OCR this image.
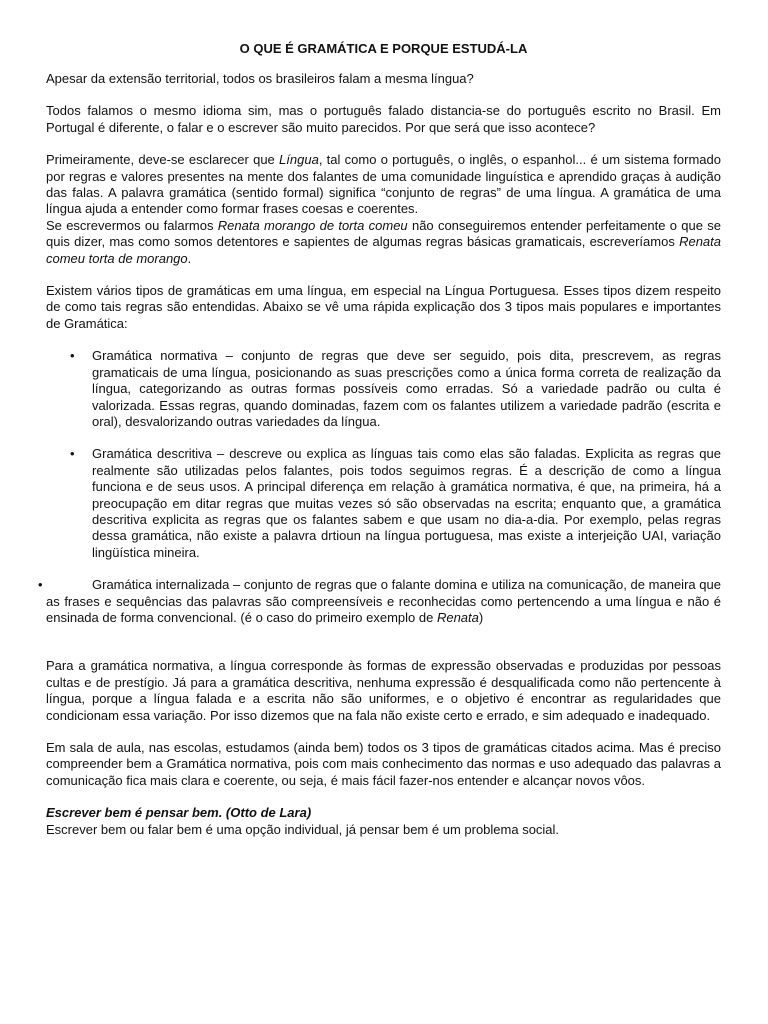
O QUE É GRAMÁTICA E PORQUE ESTUDÁ-LA

Apesar da extensão territorial, todos os brasileiros falam a mesma língua?

Todos falamos o mesmo idioma sim, mas o português falado distancia-se do português escrito no Brasil. Em Portugal é diferente, o falar e o escrever são muito parecidos. Por que será que isso acontece?

Primeiramente, deve-se esclarecer que Língua, tal como o português, o inglês, o espanhol... é um sistema formado por regras e valores presentes na mente dos falantes de uma comunidade linguística e aprendido graças à audição das falas. A palavra gramática (sentido formal) significa “conjunto de regras” de uma língua. A gramática de uma língua ajuda a entender como formar frases coesas e coerentes.

Se escrevermos ou falarmos Renata morango de torta comeu não conseguiremos entender perfeitamente o que se quis dizer, mas como somos detentores e sapientes de algumas regras básicas gramaticais, escreveríamos Renata comeu torta de morango.

Existem vários tipos de gramáticas em uma língua, em especial na Língua Portuguesa. Esses tipos dizem respeito de como tais regras são entendidas. Abaixo se vê uma rápida explicação dos 3 tipos mais populares e importantes de Gramática:

• Gramática normativa – conjunto de regras que deve ser seguido, pois dita, prescrevem, as regras gramaticais de uma língua, posicionando as suas prescrições como a única forma correta de realização da língua, categorizando as outras formas possíveis como erradas. Só a variedade padrão ou culta é valorizada. Essas regras, quando dominadas, fazem com os falantes utilizem a variedade padrão (escrita e oral), desvalorizando outras variedades da língua.
• Gramática descritiva – descreve ou explica as línguas tais como elas são faladas. Explicita as regras que realmente são utilizadas pelos falantes, pois todos seguimos regras. É a descrição de como a língua funciona e de seus usos. A principal diferença em relação à gramática normativa, é que, na primeira, há a preocupação em ditar regras que muitas vezes só são observadas na escrita; enquanto que, a gramática descritiva explicita as regras que os falantes sabem e que usam no dia-a-dia. Por exemplo, pelas regras dessa gramática, não existe a palavra drtioun na língua portuguesa, mas existe a interjeição UAI, variação lingüística mineira.

•	Gramática internalizada – conjunto de regras que o falante domina e utiliza na comunicação, de maneira que as frases e sequências das palavras são compreensíveis e reconhecidas como pertencendo a uma língua e não é ensinada de forma convencional. (é o caso do primeiro exemplo de Renata)

Para a gramática normativa, a língua corresponde às formas de expressão observadas e produzidas por pessoas cultas e de prestígio. Já para a gramática descritiva, nenhuma expressão é desqualificada como não pertencente à língua, porque a língua falada e a escrita não são uniformes, e o objetivo é encontrar as regularidades que condicionam essa variação. Por isso dizemos que na fala não existe certo e errado, e sim adequado e inadequado.

Em sala de aula, nas escolas, estudamos (ainda bem) todos os 3 tipos de gramáticas citados acima. Mas é preciso compreender bem a Gramática normativa, pois com mais conhecimento das normas e uso adequado das palavras a comunicação fica mais clara e coerente, ou seja, é mais fácil fazer-nos entender e alcançar novos vôos.

Escrever bem é pensar bem. (Otto de Lara)

Escrever bem ou falar bem é uma opção individual, já pensar bem é um problema social.
